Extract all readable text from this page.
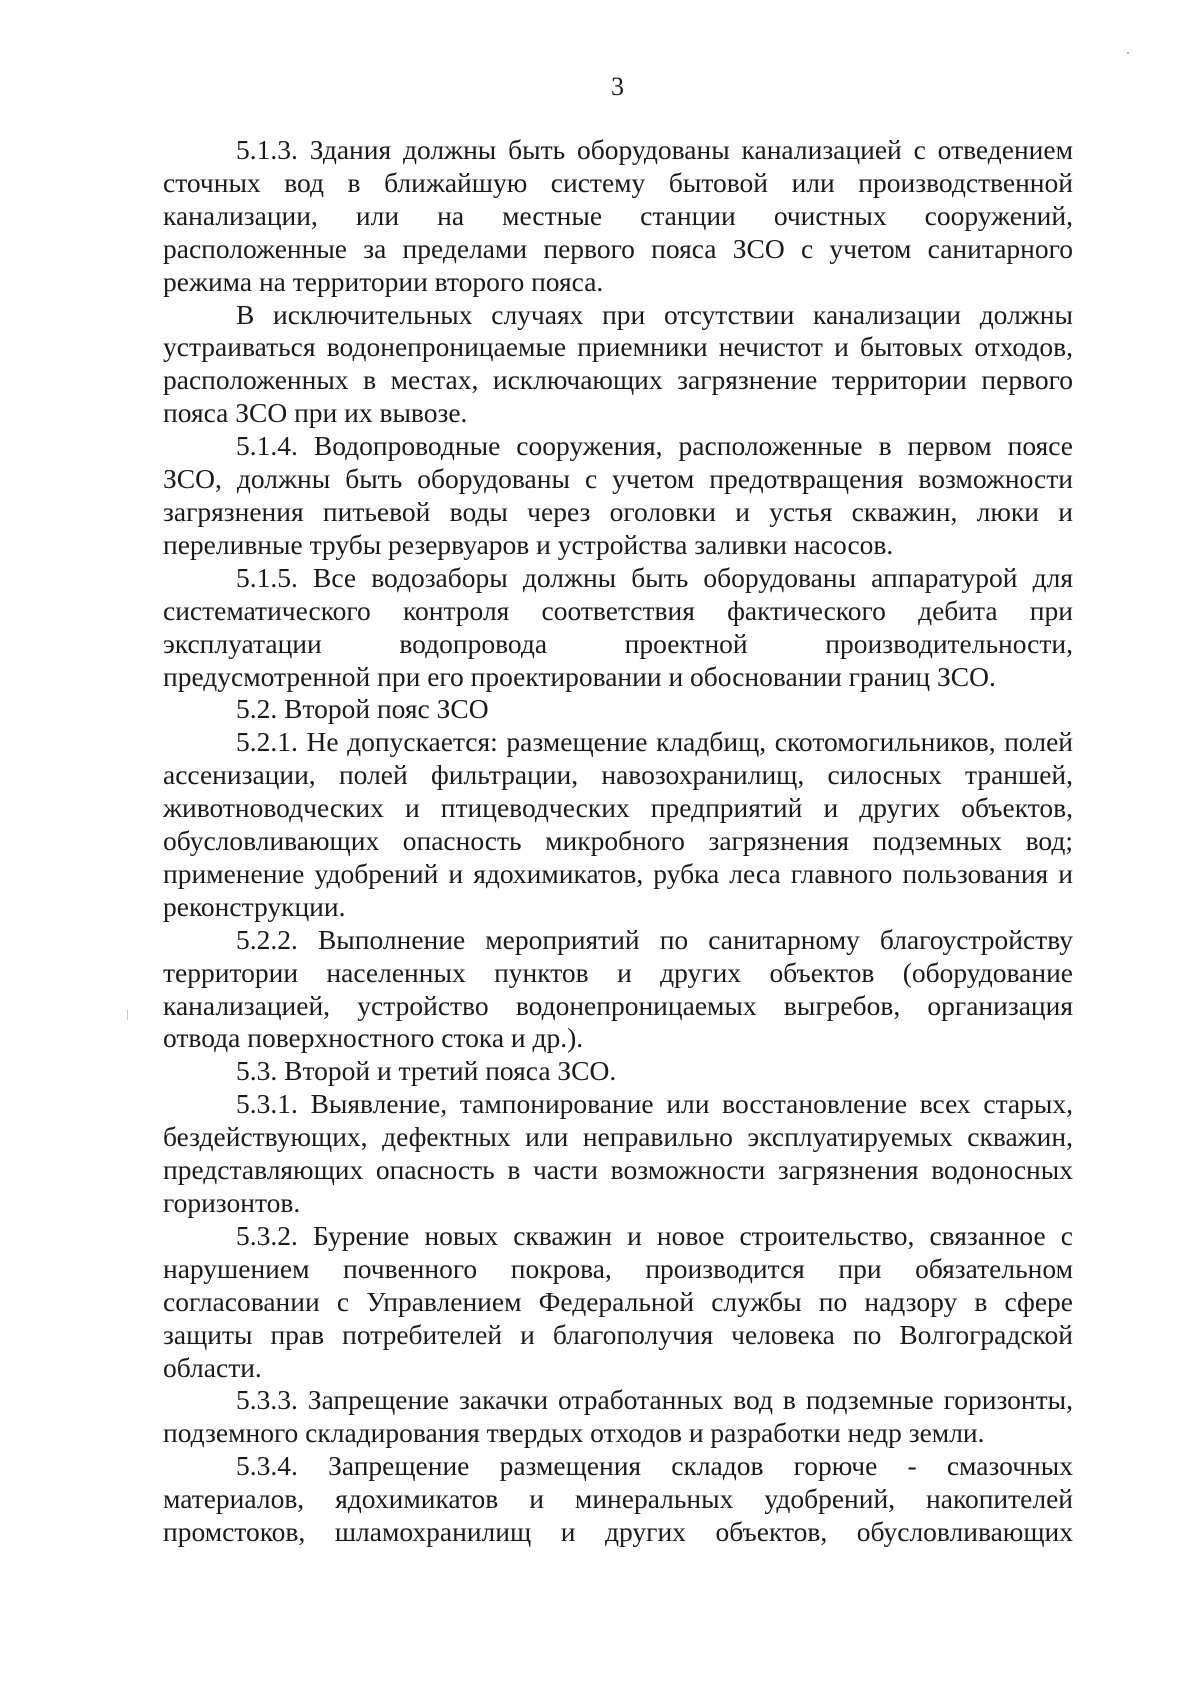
3

5.1.3. Здания должны быть оборудованы канализацией с отведением сточных вод в ближайшую систему бытовой или производственной канализации, или на местные станции очистных сооружений, расположенные за пределами первого пояса ЗСО с учетом санитарного режима на территории второго пояса.

В исключительных случаях при отсутствии канализации должны устраиваться водонепроницаемые приемники нечистот и бытовых отходов, расположенных в местах, исключающих загрязнение территории первого пояса ЗСО при их вывозе.

5.1.4. Водопроводные сооружения, расположенные в первом поясе ЗСО, должны быть оборудованы с учетом предотвращения возможности загрязнения питьевой воды через оголовки и устья скважин, люки и переливные трубы резервуаров и устройства заливки насосов.

5.1.5. Все водозаборы должны быть оборудованы аппаратурой для систематического контроля соответствия фактического дебита при эксплуатации водопровода проектной производительности, предусмотренной при его проектировании и обосновании границ ЗСО.

5.2. Второй пояс ЗСО

5.2.1. Не допускается: размещение кладбищ, скотомогильников, полей ассенизации, полей фильтрации, навозохранилищ, силосных траншей, животноводческих и птицеводческих предприятий и других объектов, обусловливающих опасность микробного загрязнения подземных вод; применение удобрений и ядохимикатов, рубка леса главного пользования и реконструкции.

5.2.2. Выполнение мероприятий по санитарному благоустройству территории населенных пунктов и других объектов (оборудование канализацией, устройство водонепроницаемых выгребов, организация отвода поверхностного стока и др.).

5.3. Второй и третий пояса ЗСО.

5.3.1. Выявление, тампонирование или восстановление всех старых, бездействующих, дефектных или неправильно эксплуатируемых скважин, представляющих опасность в части возможности загрязнения водоносных горизонтов.

5.3.2. Бурение новых скважин и новое строительство, связанное с нарушением почвенного покрова, производится при обязательном согласовании с Управлением Федеральной службы по надзору в сфере защиты прав потребителей и благополучия человека по Волгоградской области.

5.3.3. Запрещение закачки отработанных вод в подземные горизонты, подземного складирования твердых отходов и разработки недр земли.

5.3.4. Запрещение размещения складов горюче - смазочных материалов, ядохимикатов и минеральных удобрений, накопителей промстоков, шламохранилищ и других объектов, обусловливающих
